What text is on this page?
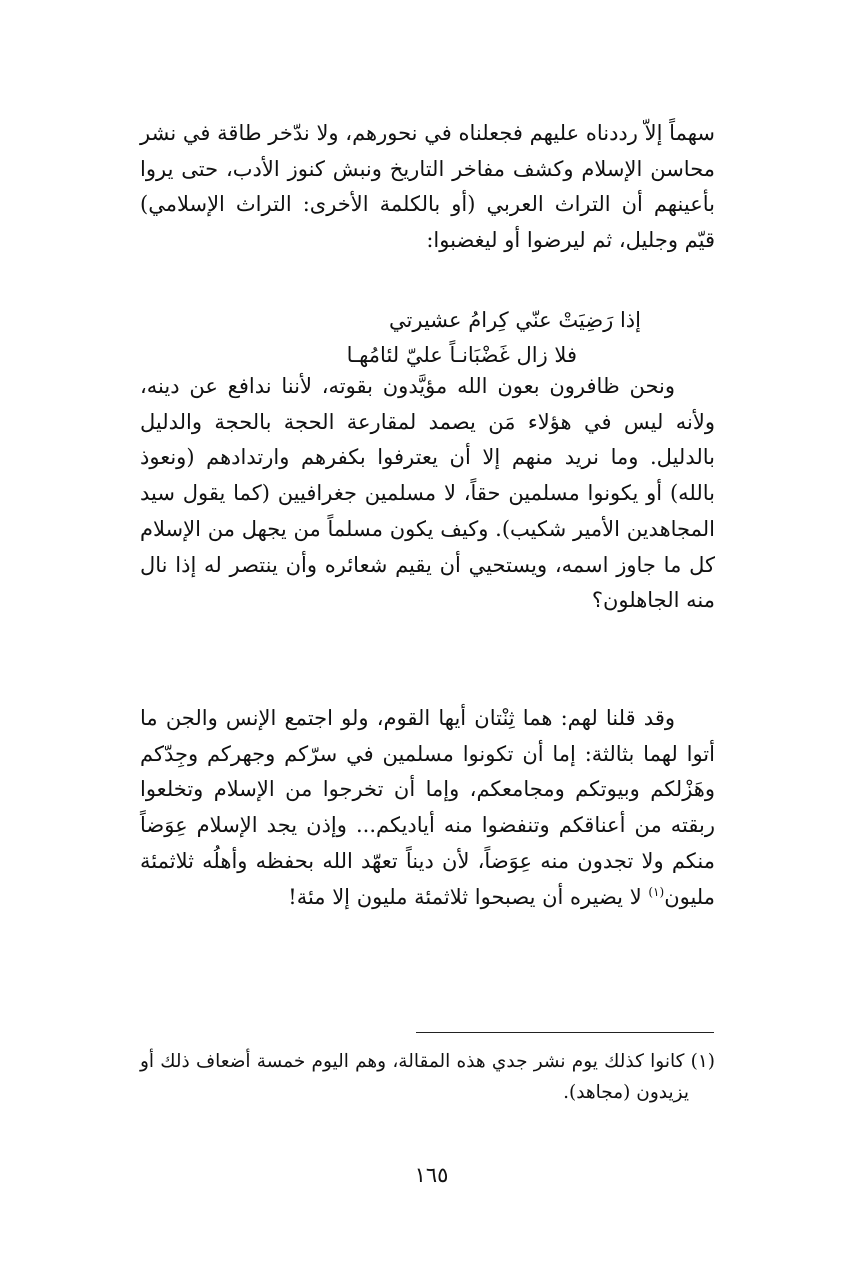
سهماً إلاّ رددناه عليهم فجعلناه في نحورهم، ولا ندّخر طاقة في نشر محاسن الإسلام وكشف مفاخر التاريخ ونبش كنوز الأدب، حتى يروا بأعينهم أن التراث العربي (أو بالكلمة الأخرى: التراث الإسلامي) قيّم وجليل، ثم ليرضوا أو ليغضبوا:

إذا رَضِيَتْ عنّي كِرامُ عشيرتي
فلا زال غَضْبَانـاً عليّ لئامُهـا

ونحن ظافرون بعون الله مؤيَّدون بقوته، لأننا ندافع عن دينه، ولأنه ليس في هؤلاء مَن يصمد لمقارعة الحجة بالحجة والدليل بالدليل. وما نريد منهم إلا أن يعترفوا بكفرهم وارتدادهم (ونعوذ بالله) أو يكونوا مسلمين حقاً، لا مسلمين جغرافيين (كما يقول سيد المجاهدين الأمير شكيب). وكيف يكون مسلماً من يجهل من الإسلام كل ما جاوز اسمه، ويستحيي أن يقيم شعائره وأن ينتصر له إذا نال منه الجاهلون؟

وقد قلنا لهم: هما ثِنْتان أيها القوم، ولو اجتمع الإنس والجن ما أتوا لهما بثالثة: إما أن تكونوا مسلمين في سرّكم وجهركم وجِدّكم وهَزْلكم وبيوتكم ومجامعكم، وإما أن تخرجوا من الإسلام وتخلعوا ربقته من أعناقكم وتنفضوا منه أياديكم... وإذن يجد الإسلام عِوَضاً منكم ولا تجدون منه عِوَضاً، لأن ديناً تعهّد الله بحفظه وأهلُه ثلاثمئة مليون$^{(١)}$ لا يضيره أن يصبحوا ثلاثمئة مليون إلا مئة!

(١) كانوا كذلك يوم نشر جدي هذه المقالة، وهم اليوم خمسة أضعاف ذلك أو يزيدون (مجاهد).

١٦٥
